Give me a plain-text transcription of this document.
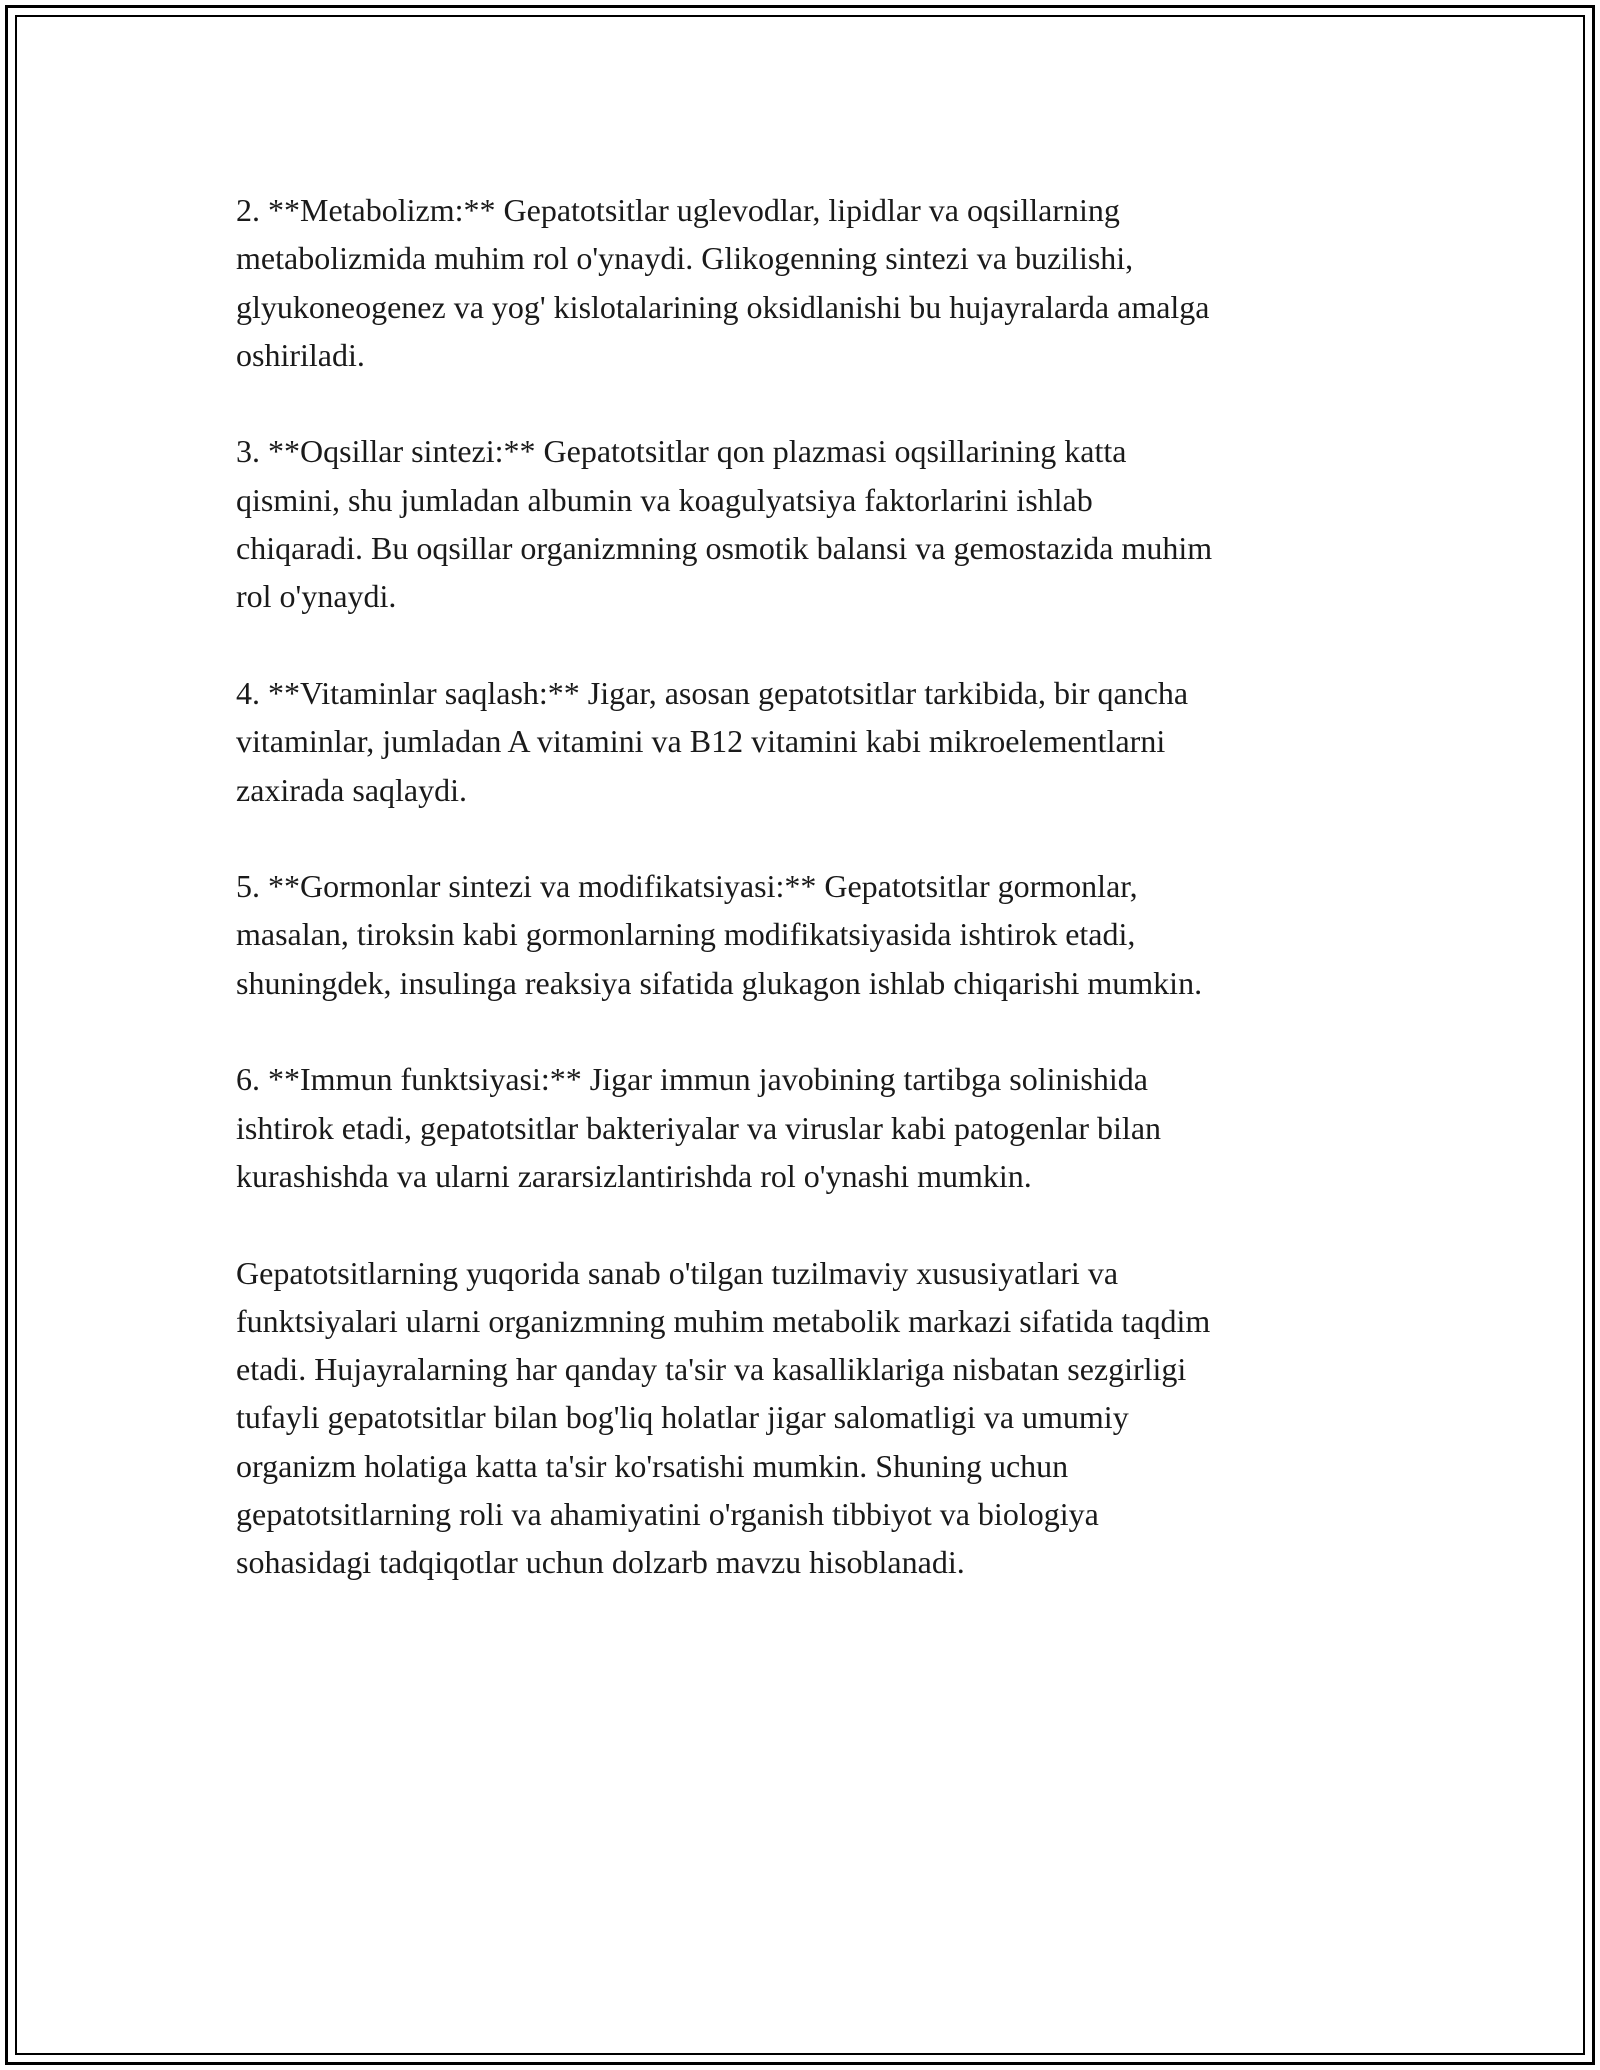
2. **Metabolizm:** Gepatotsitlar uglevodlar, lipidlar va oqsillarning
metabolizmida muhim rol o'ynaydi. Glikogenning sintezi va buzilishi,
glyukoneogenez va yog' kislotalarining oksidlanishi bu hujayralarda amalga
oshiriladi.

3. **Oqsillar sintezi:** Gepatotsitlar qon plazmasi oqsillarining katta
qismini, shu jumladan albumin va koagulyatsiya faktorlarini ishlab
chiqaradi. Bu oqsillar organizmning osmotik balansi va gemostazida muhim
rol o'ynaydi.

4. **Vitaminlar saqlash:** Jigar, asosan gepatotsitlar tarkibida, bir qancha
vitaminlar, jumladan A vitamini va B12 vitamini kabi mikroelementlarni
zaxirada saqlaydi.

5. **Gormonlar sintezi va modifikatsiyasi:** Gepatotsitlar gormonlar,
masalan, tiroksin kabi gormonlarning modifikatsiyasida ishtirok etadi,
shuningdek, insulinga reaksiya sifatida glukagon ishlab chiqarishi mumkin.

6. **Immun funktsiyasi:** Jigar immun javobining tartibga solinishida
ishtirok etadi, gepatotsitlar bakteriyalar va viruslar kabi patogenlar bilan
kurashishda va ularni zararsizlantirishda rol o'ynashi mumkin.

Gepatotsitlarning yuqorida sanab o'tilgan tuzilmaviy xususiyatlari va
funktsiyalari ularni organizmning muhim metabolik markazi sifatida taqdim
etadi. Hujayralarning har qanday ta'sir va kasalliklariga nisbatan sezgirligi
tufayli gepatotsitlar bilan bog'liq holatlar jigar salomatligi va umumiy
organizm holatiga katta ta'sir ko'rsatishi mumkin. Shuning uchun
gepatotsitlarning roli va ahamiyatini o'rganish tibbiyot va biologiya
sohasidagi tadqiqotlar uchun dolzarb mavzu hisoblanadi.
